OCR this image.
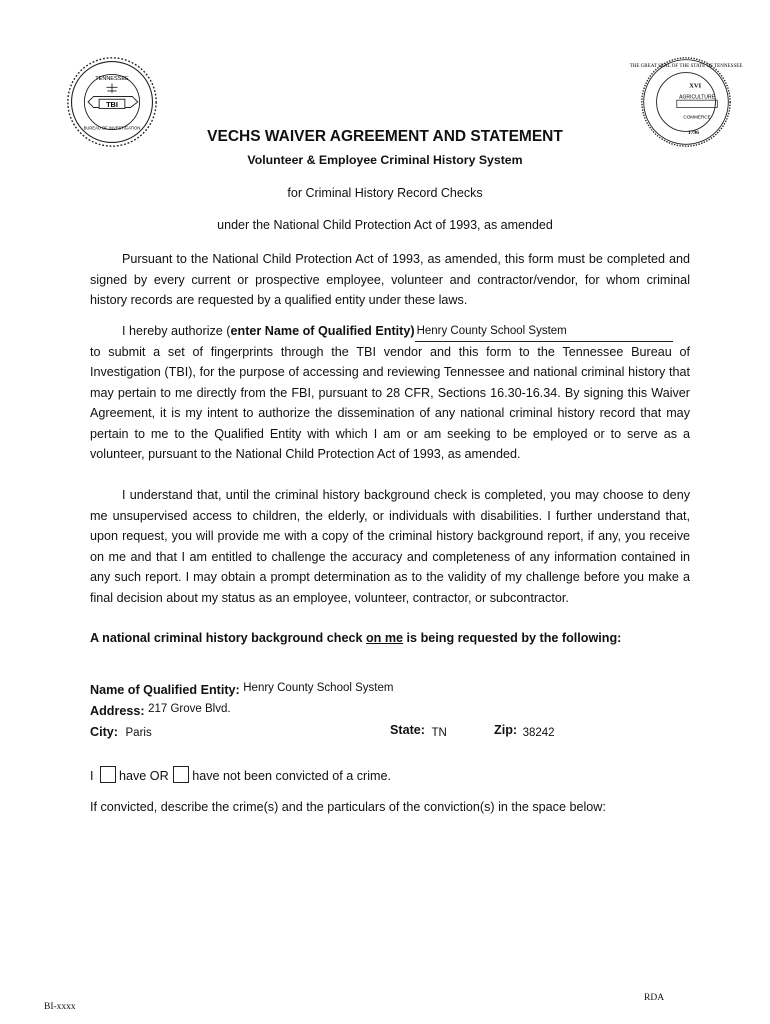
TBI
TENNESSEE
BUREAU OF INVESTIGATION
THE GREAT SEAL OF THE STATE OF TENNESSEE
XVI
AGRICULTURE
COMMERCE
1796
VECHS WAIVER AGREEMENT AND STATEMENT
Volunteer & Employee Criminal History System
for Criminal History Record Checks
under the National Child Protection Act of 1993, as amended
Pursuant to the National Child Protection Act of 1993, as amended, this form must be completed and signed by every current or prospective employee, volunteer and contractor/vendor, for whom criminal history records are requested by a qualified entity under these laws.
I hereby authorize (enter Name of Qualified Entity) Henry County School System

to submit a set of fingerprints through the TBI vendor and this form to the Tennessee Bureau of Investigation (TBI), for the purpose of accessing and reviewing Tennessee and national criminal history that may pertain to me directly from the FBI, pursuant to 28 CFR, Sections 16.30-16.34. By signing this Waiver Agreement, it is my intent to authorize the dissemination of any national criminal history record that may pertain to me to the Qualified Entity with which I am or am seeking to be employed or to serve as a volunteer, pursuant to the National Child Protection Act of 1993, as amended.
I understand that, until the criminal history background check is completed, you may choose to deny me unsupervised access to children, the elderly, or individuals with disabilities. I further understand that, upon request, you will provide me with a copy of the criminal history background report, if any, you receive on me and that I am entitled to challenge the accuracy and completeness of any information contained in any such report. I may obtain a prompt determination as to the validity of my challenge before you make a final decision about my status as an employee, volunteer, contractor, or subcontractor.
A national criminal history background check on me is being requested by the following:
Name of Qualified Entity: Henry County School System
Address: 217 Grove Blvd.
City: Paris	State: TN	Zip: 38242
I have OR have not been convicted of a crime.
If convicted, describe the crime(s) and the particulars of the conviction(s) in the space below:
BI-xxxx
RDA
